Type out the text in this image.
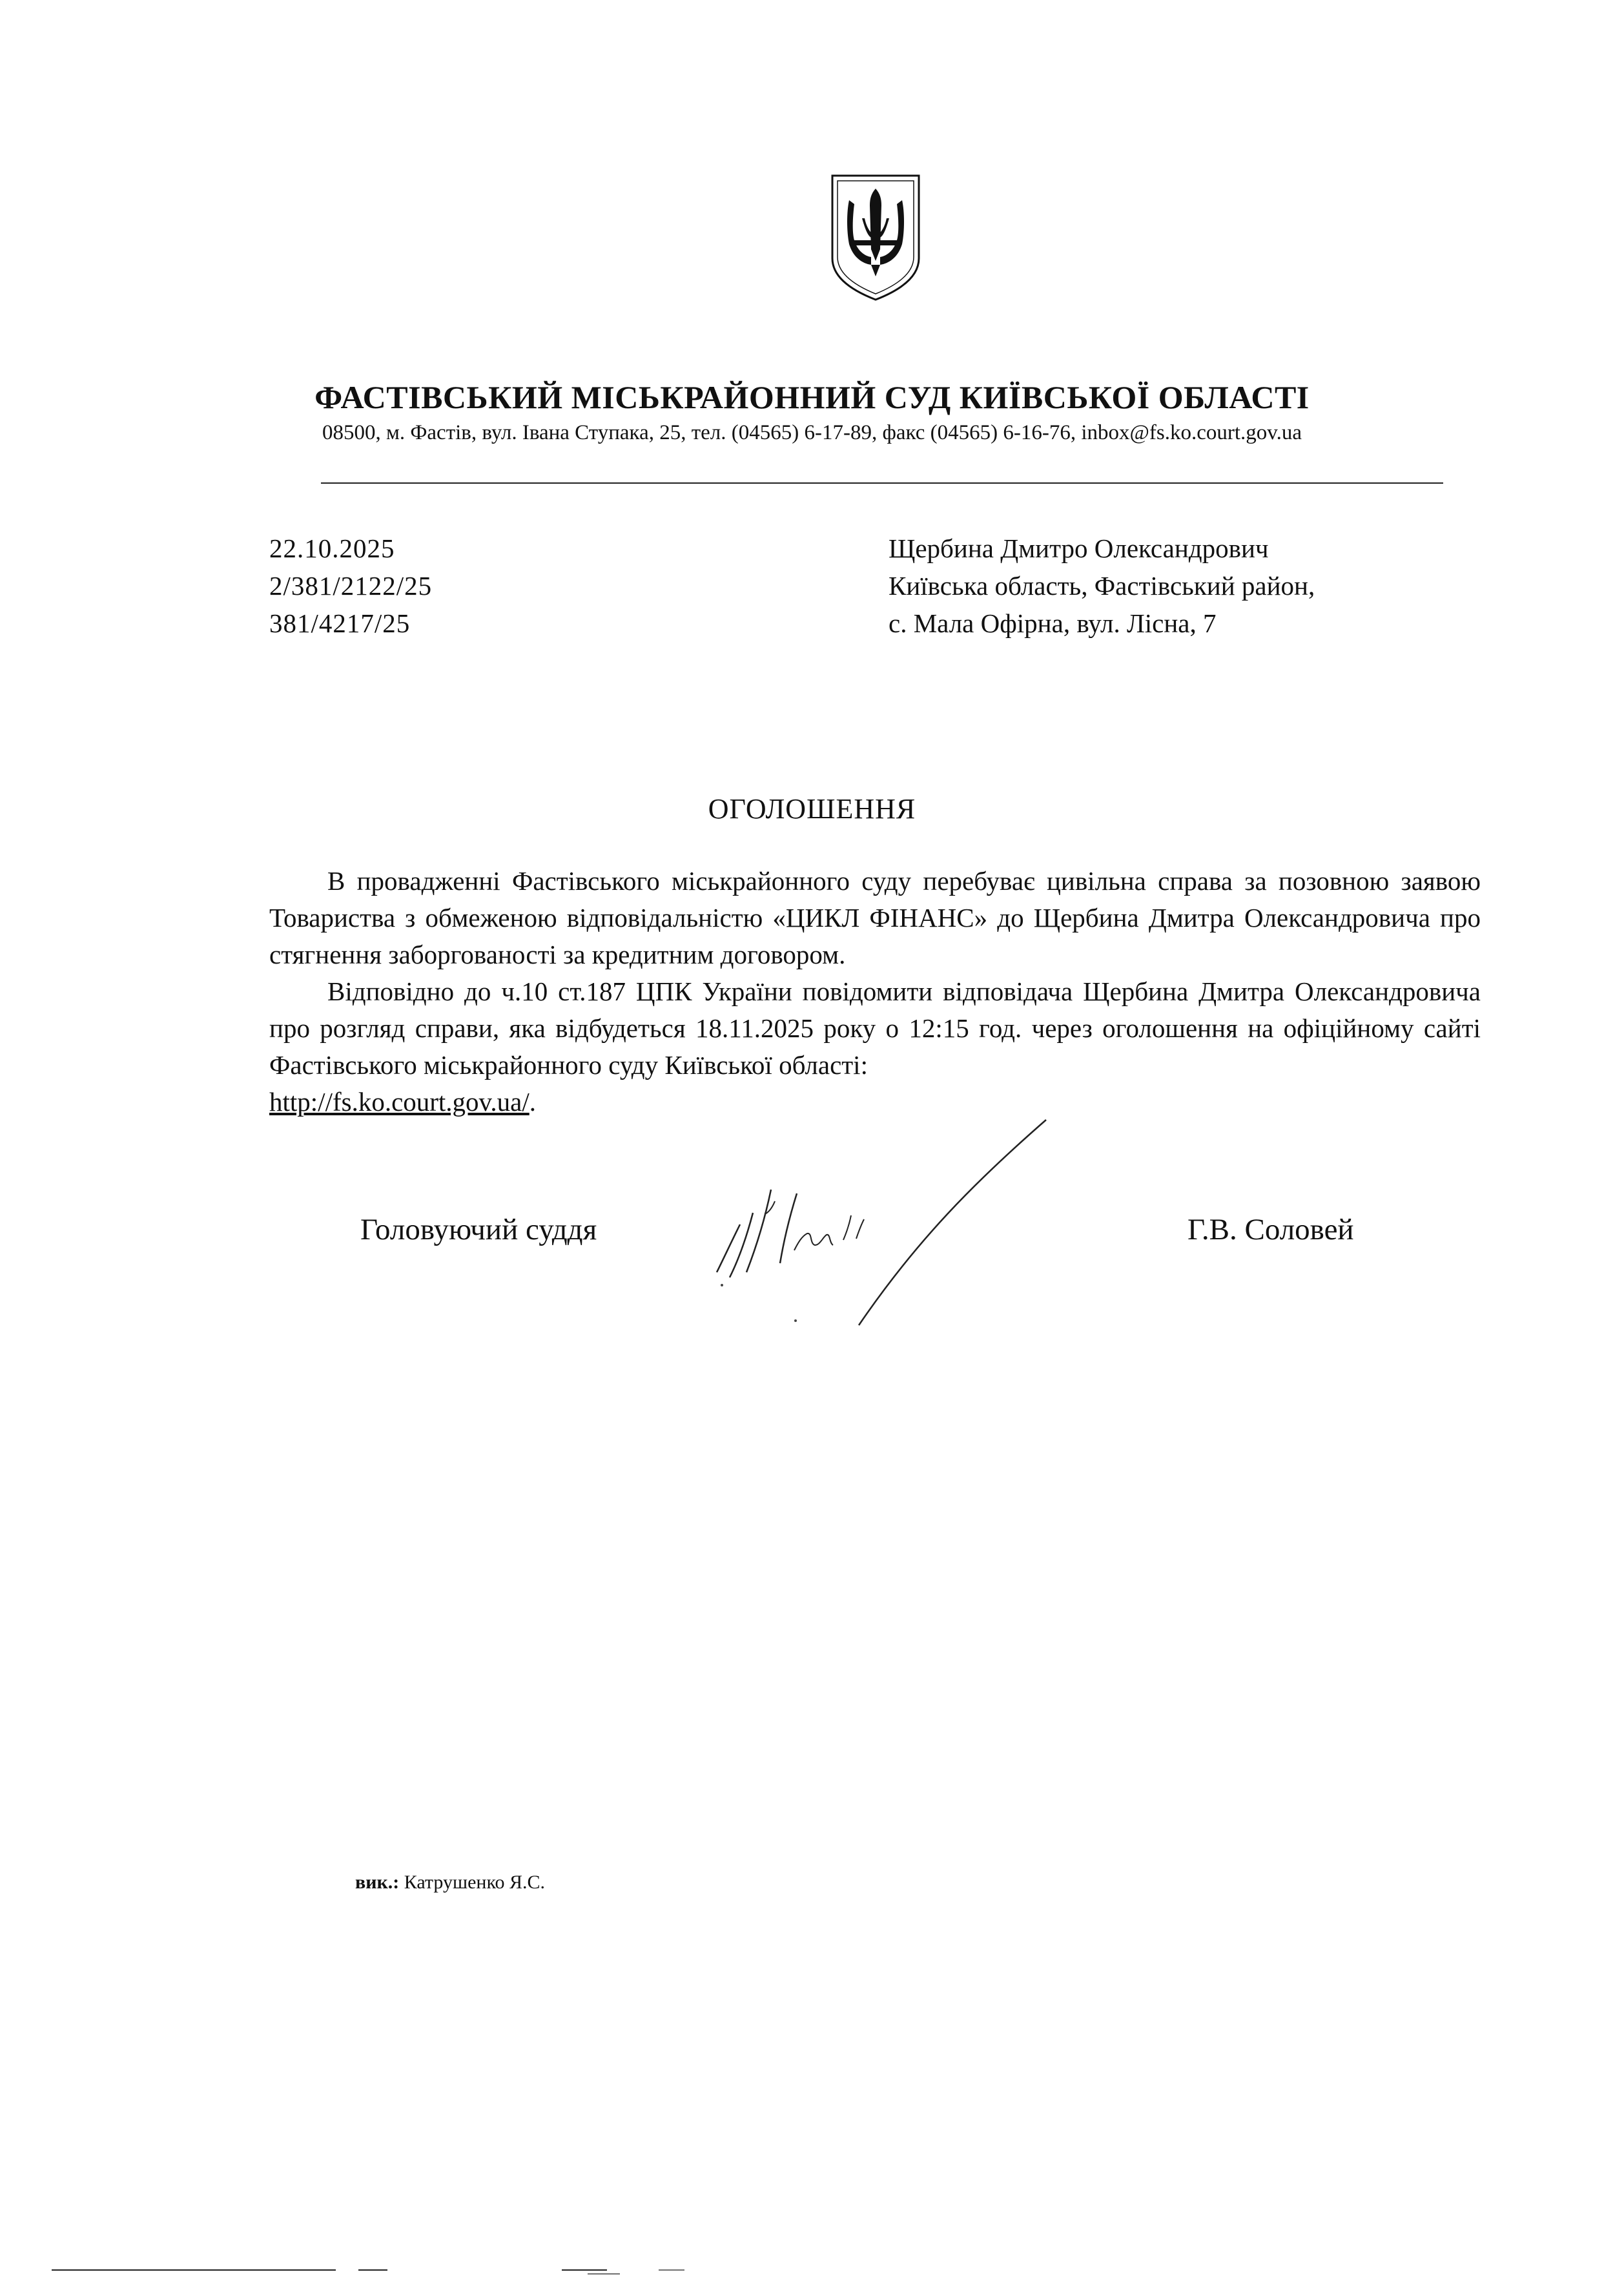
ФАСТІВСЬКИЙ МІСЬКРАЙОННИЙ СУД КИЇВСЬКОЇ ОБЛАСТІ
08500, м. Фастів, вул. Івана Ступака, 25, тел. (04565) 6-17-89, факс (04565) 6-16-76, inbox@fs.ko.court.gov.ua
22.10.2025
2/381/2122/25
381/4217/25
Щербина Дмитро Олександрович
Київська область, Фастівський район,
с. Мала Офірна, вул. Лісна, 7
ОГОЛОШЕННЯ

В провадженні Фастівського міськрайонного суду перебуває цивільна справа за позовною заявою Товариства з обмеженою відповідальністю «ЦИКЛ ФІНАНС» до Щербина Дмитра Олександровича про стягнення заборгованості за кредитним договором.

Відповідно до ч.10 ст.187 ЦПК України повідомити відповідача Щербина Дмитра Олександровича про розгляд справи, яка відбудеться 18.11.2025 року о 12:15 год. через оголошення на офіційному сайті Фастівського міськрайонного суду Київської області:
http://fs.ko.court.gov.ua/.

Головуючий суддя	Г.В. Соловей
вик.: Катрушенко Я.С.
